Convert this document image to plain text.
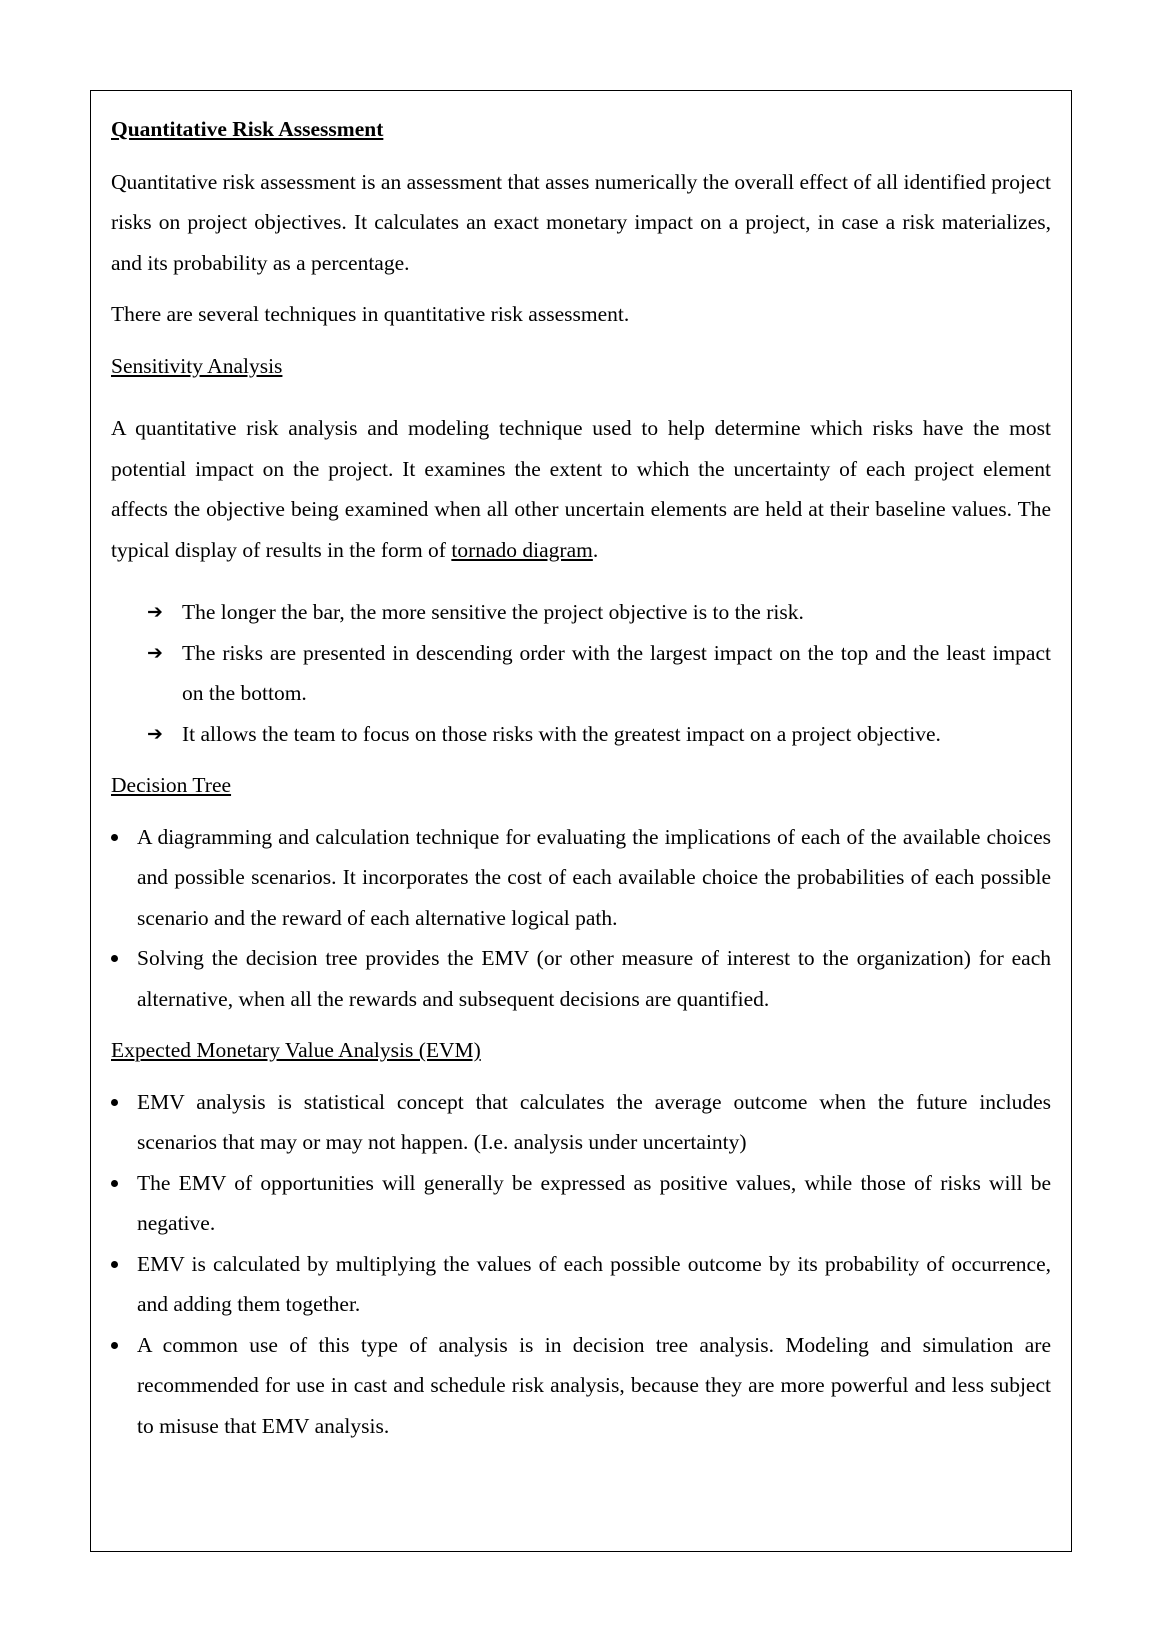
Quantitative Risk Assessment

Quantitative risk assessment is an assessment that asses numerically the overall effect of all identified project risks on project objectives. It calculates an exact monetary impact on a project, in case a risk materializes, and its probability as a percentage.

There are several techniques in quantitative risk assessment.

Sensitivity Analysis

A quantitative risk analysis and modeling technique used to help determine which risks have the most potential impact on the project. It examines the extent to which the uncertainty of each project element affects the objective being examined when all other uncertain elements are held at their baseline values. The typical display of results in the form of tornado diagram.

➔ The longer the bar, the more sensitive the project objective is to the risk.
➔ The risks are presented in descending order with the largest impact on the top and the least impact on the bottom.
➔ It allows the team to focus on those risks with the greatest impact on a project objective.

Decision Tree

A diagramming and calculation technique for evaluating the implications of each of the available choices and possible scenarios. It incorporates the cost of each available choice the probabilities of each possible scenario and the reward of each alternative logical path.
Solving the decision tree provides the EMV (or other measure of interest to the organization) for each alternative, when all the rewards and subsequent decisions are quantified.

Expected Monetary Value Analysis (EVM)

EMV analysis is statistical concept that calculates the average outcome when the future includes scenarios that may or may not happen. (I.e. analysis under uncertainty)
The EMV of opportunities will generally be expressed as positive values, while those of risks will be negative.
EMV is calculated by multiplying the values of each possible outcome by its probability of occurrence, and adding them together.
A common use of this type of analysis is in decision tree analysis. Modeling and simulation are recommended for use in cast and schedule risk analysis, because they are more powerful and less subject to misuse that EMV analysis.
